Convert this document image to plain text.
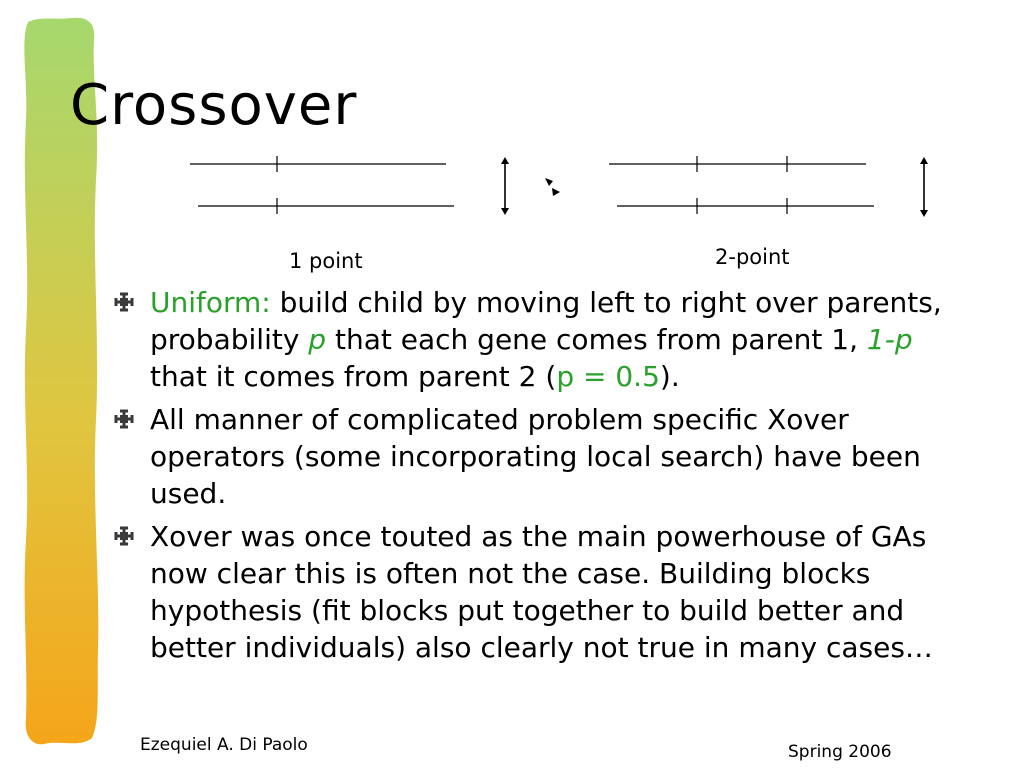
Crossover
1 point	2-point
Uniform: build child by moving left to right over parents, probability p that each gene comes from parent 1, 1-p that it comes from parent 2 (p = 0.5).
All manner of complicated problem specific Xover operators (some incorporating local search) have been used.
Xover was once touted as the main powerhouse of GAs now clear this is often not the case. Building blocks hypothesis (fit blocks put together to build better and better individuals) also clearly not true in many cases…
Ezequiel A. Di Paolo	Spring 2006
